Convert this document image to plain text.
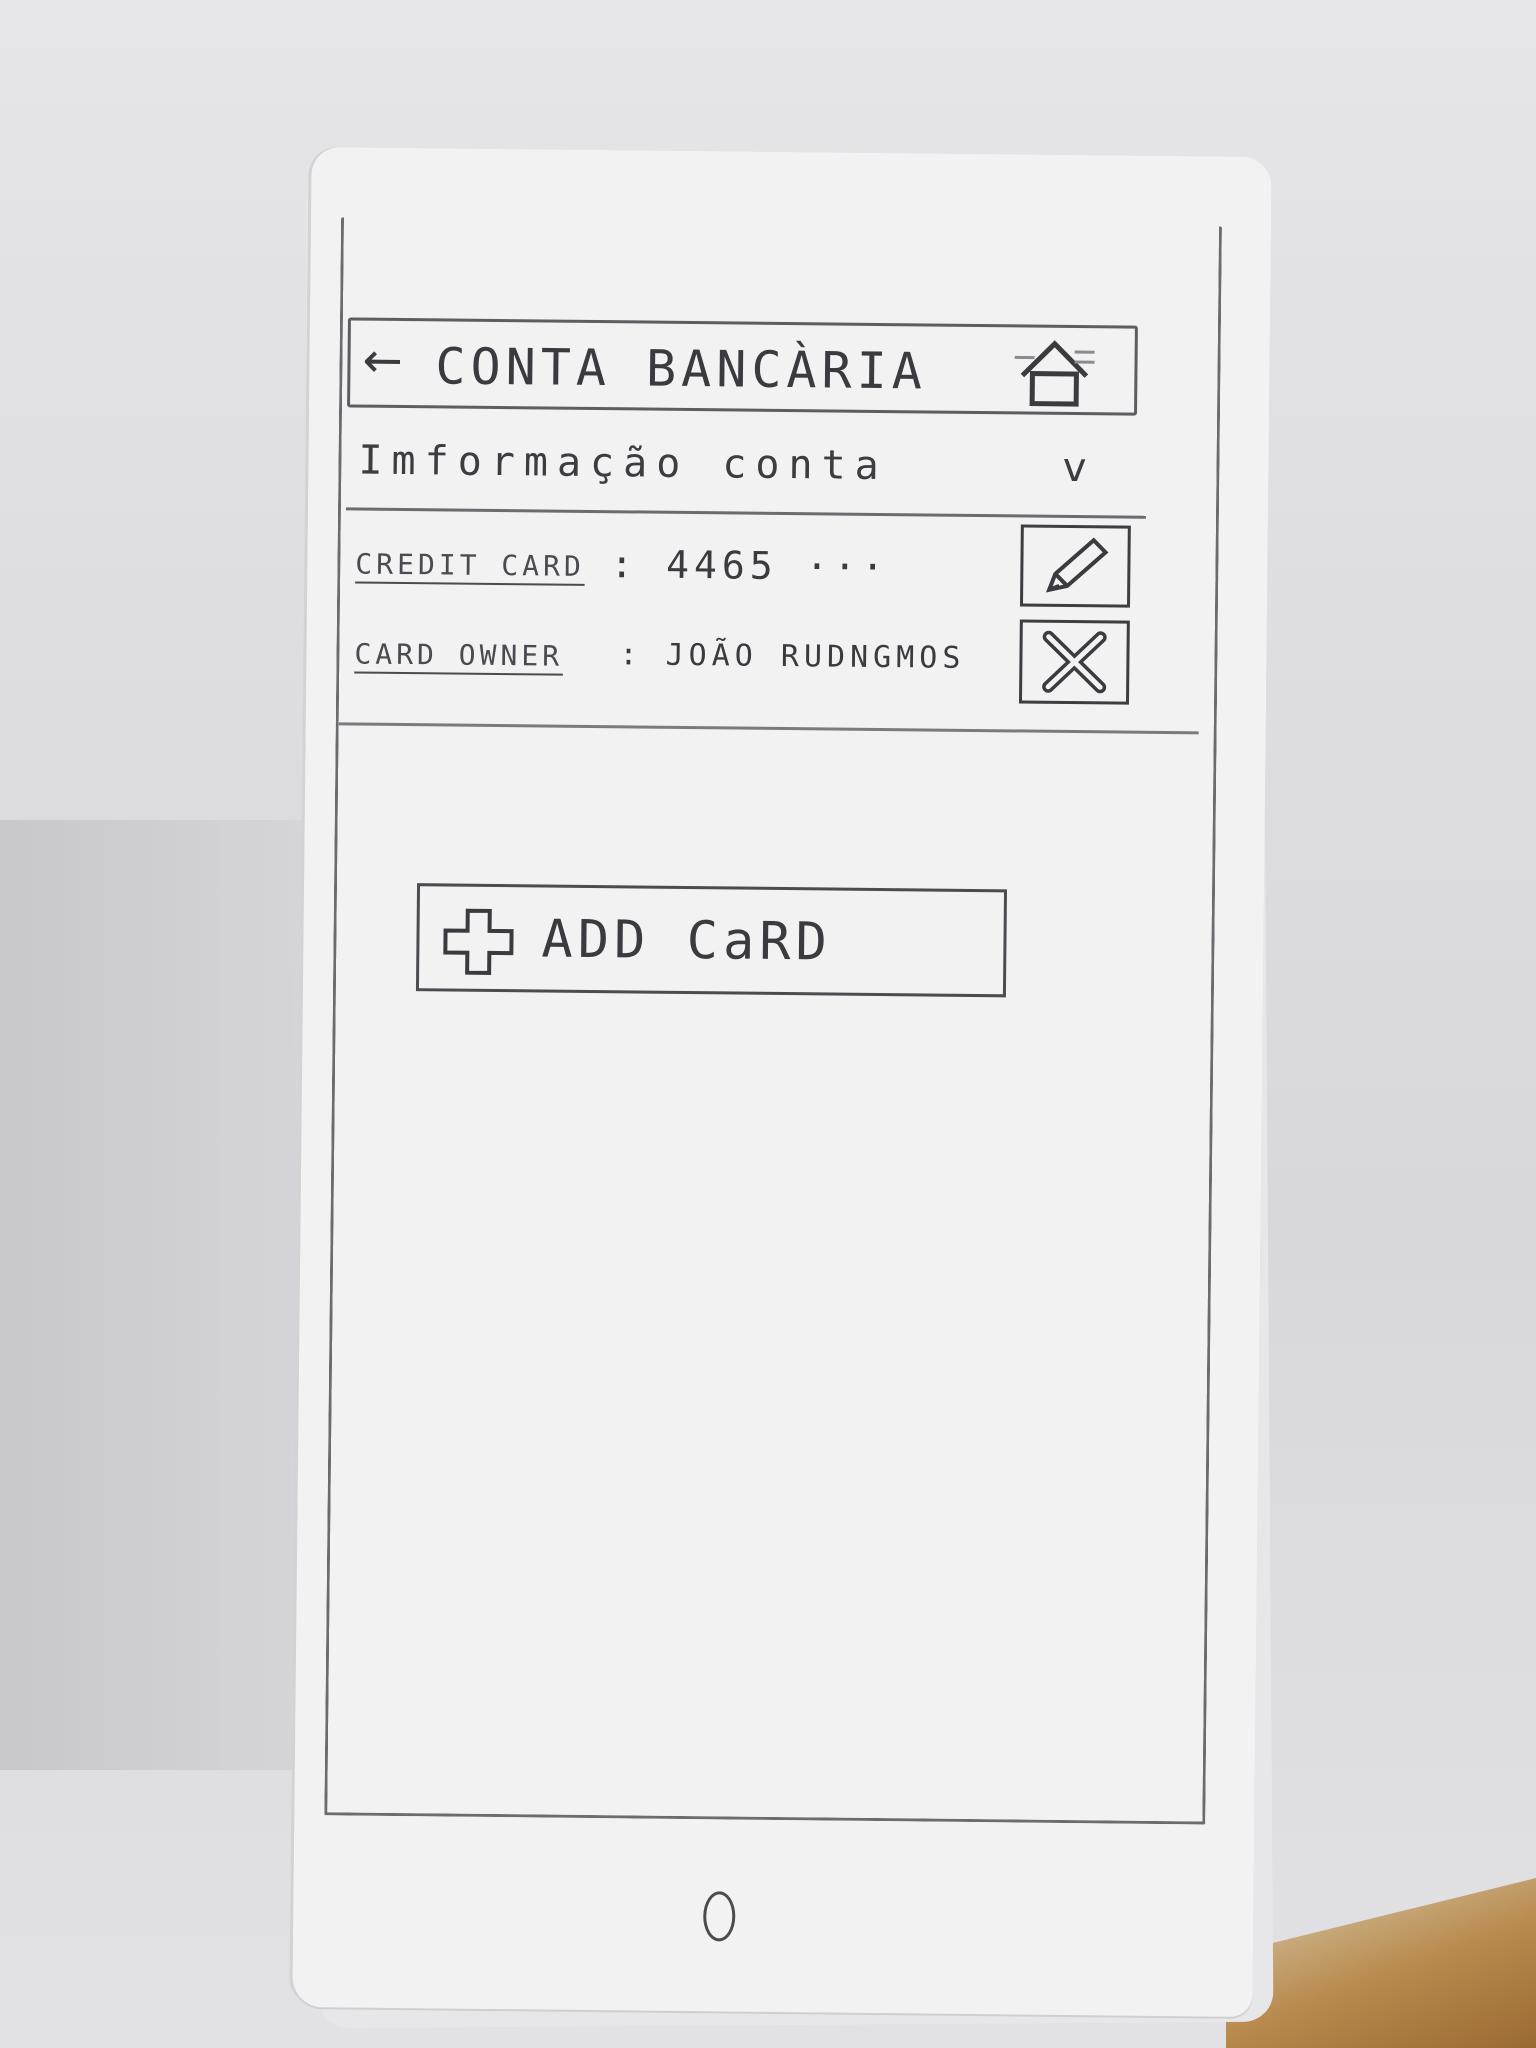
← CONTA BANCÀRIA
Imformação conta	v
CREDIT CARD : 4465 ···
CARD OWNER : JOÃO RUDNGMOS
ADD CaRD
